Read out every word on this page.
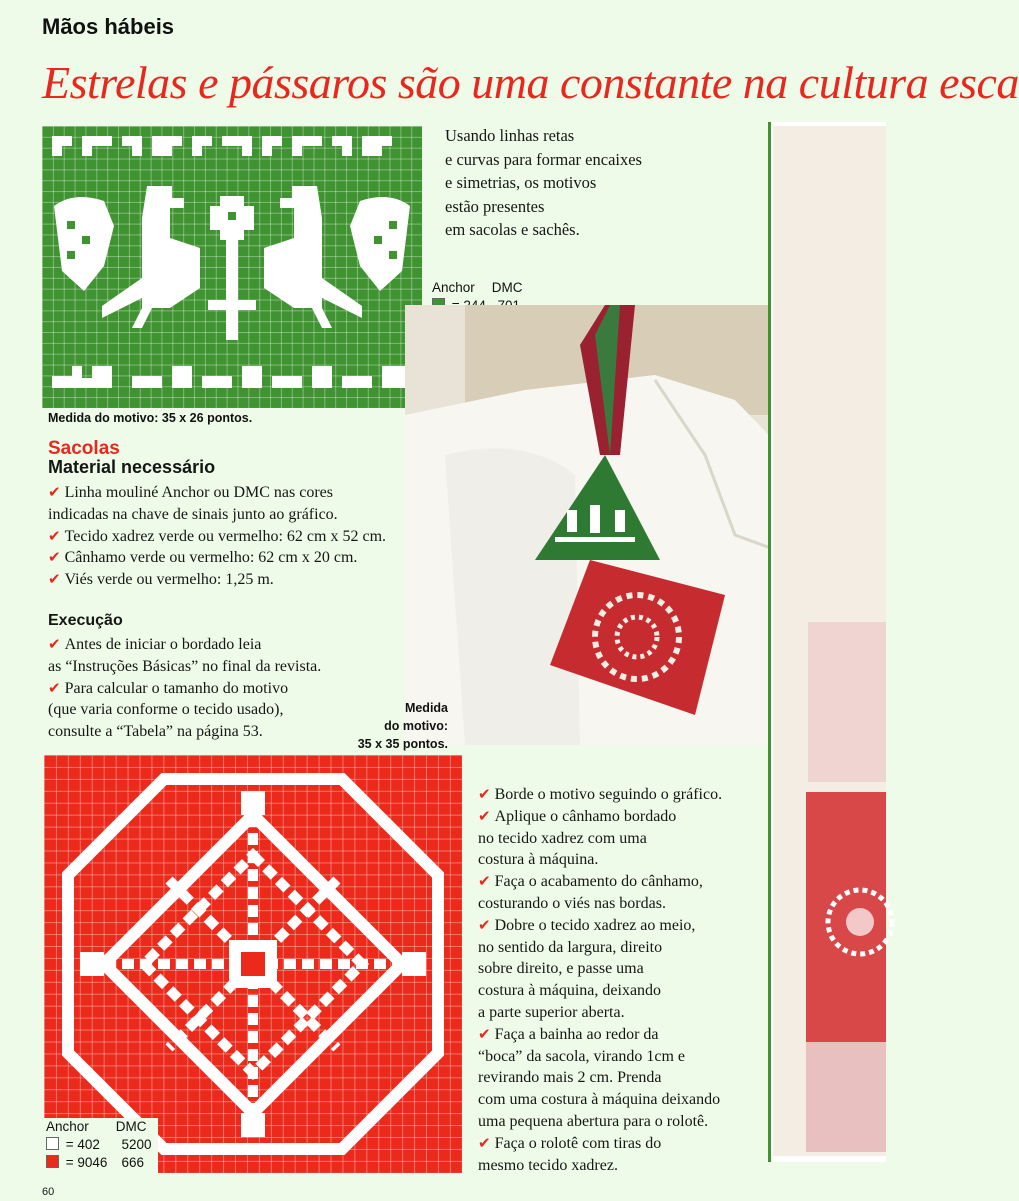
Mãos hábeis
Estrelas e pássaros são uma constante na cultura esca
Medida do motivo: 35 x 26 pontos.
Usando linhas retas
e curvas para formar encaixes
e simetrias, os motivos
estão presentes
em sacolas e sachês.
Anchor DMC

Sacolas
Material necessário

✔ Linha mouliné Anchor ou DMC nas cores

indicadas na chave de sinais junto ao gráfico.

✔ Tecido xadrez verde ou vermelho: 62 cm x 52 cm.

✔ Cânhamo verde ou vermelho: 62 cm x 20 cm.

✔ Viés verde ou vermelho: 1,25 m.

Execução

✔ Antes de iniciar o bordado leia

as “Instruções Básicas” no final da revista.

✔ Para calcular o tamanho do motivo

(que varia conforme o tecido usado),

consulte a “Tabela” na página 53.

Medida
do motivo:
35 x 35 pontos.
Anchor DMC
= 402 5200
= 9046 666

✔ Borde o motivo seguindo o gráfico.

✔ Aplique o cânhamo bordado

no tecido xadrez com uma

costura à máquina.

✔ Faça o acabamento do cânhamo,

costurando o viés nas bordas.

✔ Dobre o tecido xadrez ao meio,

no sentido da largura, direito

sobre direito, e passe uma

costura à máquina, deixando

a parte superior aberta.

✔ Faça a bainha ao redor da

“boca” da sacola, virando 1cm e

revirando mais 2 cm. Prenda

com uma costura à máquina deixando

uma pequena abertura para o rolotê.

✔ Faça o rolotê com tiras do

mesmo tecido xadrez.

60
